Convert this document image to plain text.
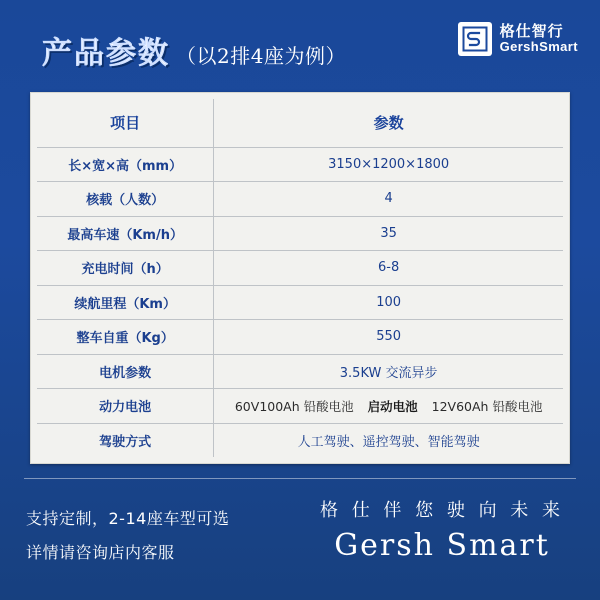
产品参数 （以2排4座为例）
格仕智行
GershSmart
项目	参数
长×宽×高（mm）	3150×1200×1800
核载（人数）	4
最高车速（Km/h）	35
充电时间（h）	6-8
续航里程（Km）	100
整车自重（Kg）	550
电机参数	3.5KW 交流异步
动力电池	60V100Ah 铅酸电池 启动电池 12V60Ah 铅酸电池

驾驶方式	人工驾驶、遥控驾驶、智能驾驶
支持定制，2-14座车型可选
详情请咨询店内客服
格 仕 伴 您 驶 向 未 来
Gersh Smart
